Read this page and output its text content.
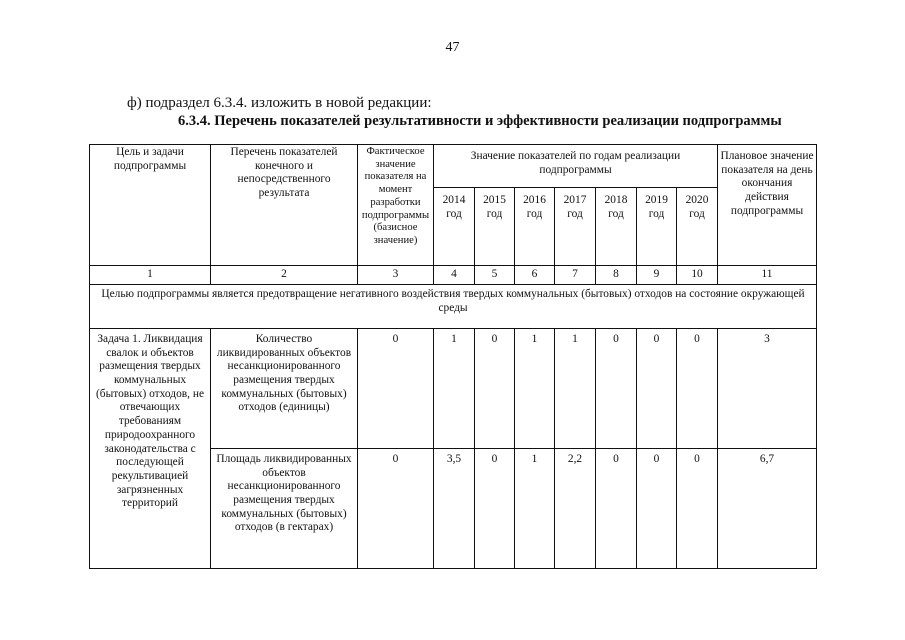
47
ф) подраздел 6.3.4. изложить в новой редакции:
6.3.4. Перечень показателей результативности и эффективности реализации подпрограммы
Цель и задачи подпрограммы	Перечень показателей конечного и непосредственного результата	Фактическое значение показателя на момент разработки подпрограммы (базисное значение)	Значение показателей по годам реализации подпрограммы							Плановое значение показателя на день окончания действия подпрограммы
			2014 год	2015 год	2016 год	2017 год	2018 год	2019 год	2020 год	
1	2	3	4	5	6	7	8	9	10	11
Целью подпрограммы является предотвращение негативного воздействия твердых коммунальных (бытовых) отходов на состояние окружающей среды										
Задача 1. Ликвидация свалок и объектов размещения твердых коммунальных (бытовых) отходов, не отвечающих требованиям природоохранного законодательства с последующей рекультивацией загрязненных территорий	Количество ликвидированных объектов несанкционированного размещения твердых коммунальных (бытовых) отходов (единицы)	0	1	0	1	1	0	0	0	3
	Площадь ликвидированных объектов несанкционированного размещения твердых коммунальных (бытовых) отходов (в гектарах)	0	3,5	0	1	2,2	0	0	0	6,7
